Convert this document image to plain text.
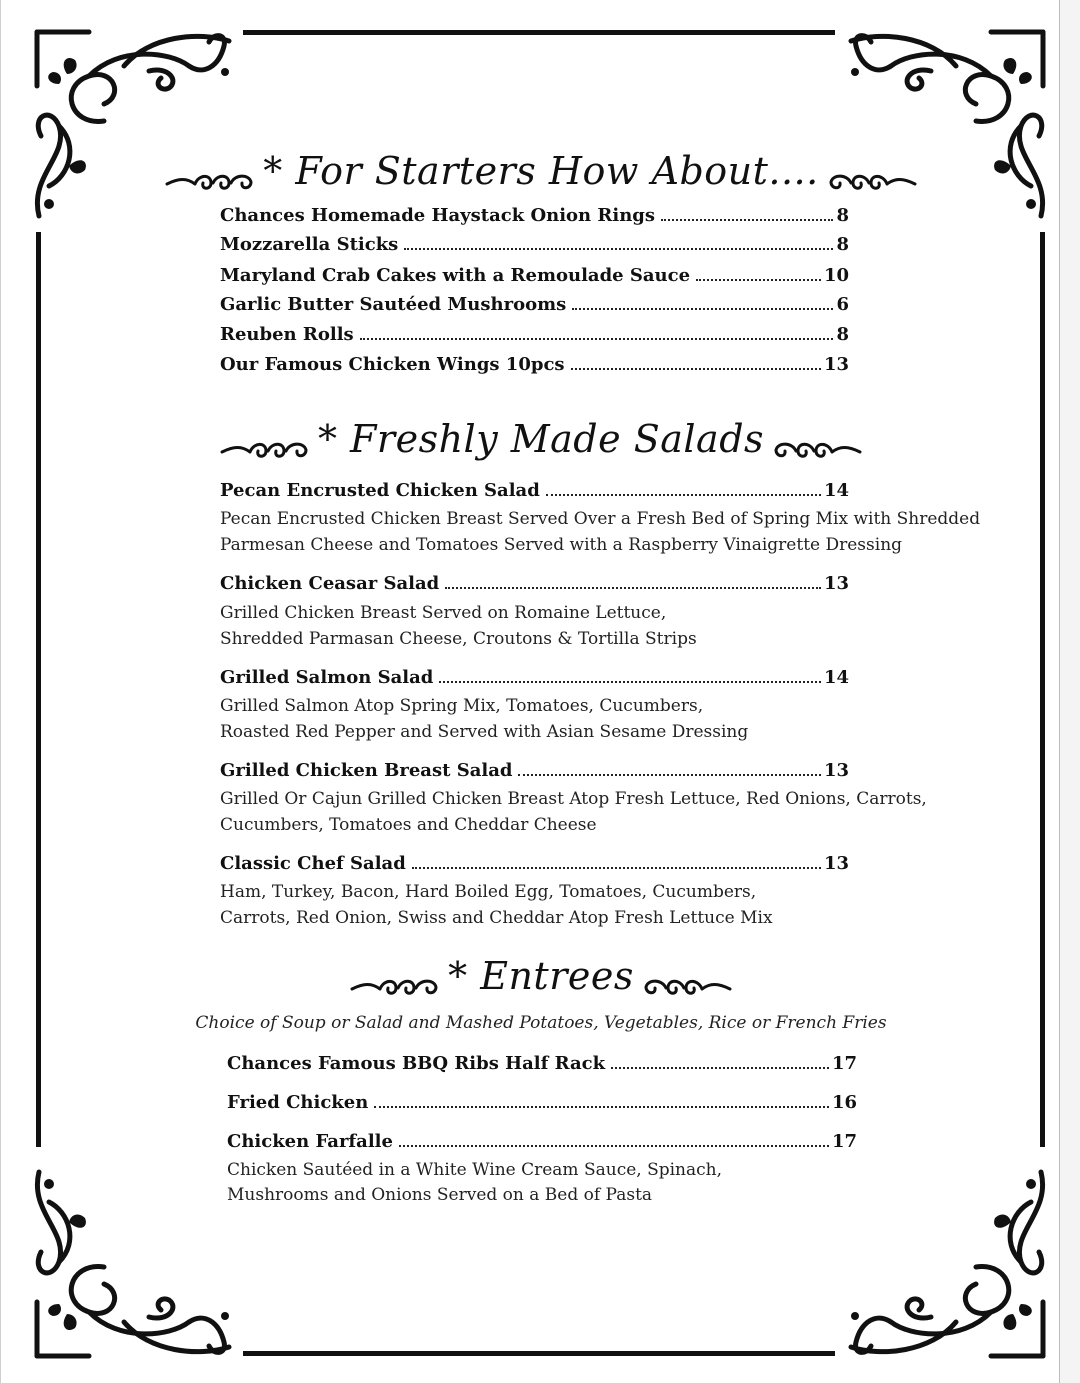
* For Starters How About....
Chances Homemade Haystack Onion Rings	8
Mozzarella Sticks	8
Maryland Crab Cakes with a Remoulade Sauce	10
Garlic Butter Sautéed Mushrooms	6
Reuben Rolls	8
Our Famous Chicken Wings 10pcs	13
* Freshly Made Salads
Pecan Encrusted Chicken Salad	14
Pecan Encrusted Chicken Breast Served Over a Fresh Bed of Spring Mix with Shredded
Parmesan Cheese and Tomatoes Served with a Raspberry Vinaigrette Dressing
Chicken Ceasar Salad	13
Grilled Chicken Breast Served on Romaine Lettuce,
Shredded Parmasan Cheese, Croutons & Tortilla Strips
Grilled Salmon Salad	14
Grilled Salmon Atop Spring Mix, Tomatoes, Cucumbers,
Roasted Red Pepper and Served with Asian Sesame Dressing
Grilled Chicken Breast Salad	13
Grilled Or Cajun Grilled Chicken Breast Atop Fresh Lettuce, Red Onions, Carrots,
Cucumbers, Tomatoes and Cheddar Cheese
Classic Chef Salad	13
Ham, Turkey, Bacon, Hard Boiled Egg, Tomatoes, Cucumbers,
Carrots, Red Onion, Swiss and Cheddar Atop Fresh Lettuce Mix
* Entrees
Choice of Soup or Salad and Mashed Potatoes, Vegetables, Rice or French Fries
Chances Famous BBQ Ribs Half Rack	17
Fried Chicken	16
Chicken Farfalle	17
Chicken Sautéed in a White Wine Cream Sauce, Spinach,
Mushrooms and Onions Served on a Bed of Pasta
